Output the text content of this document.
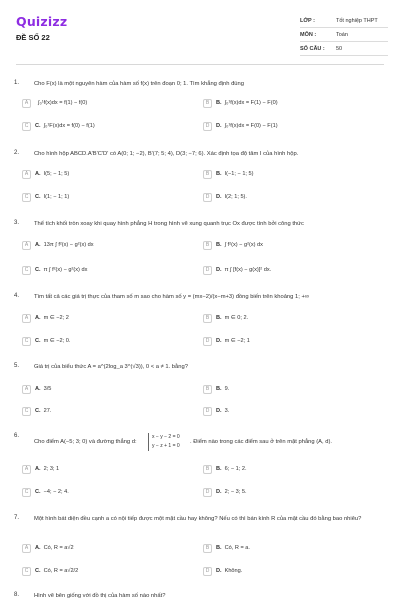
Quizizz
ĐỀ SỐ 22
LỚP :	Tốt nghiệp THPT
MÔN :	Toán
SỐ CÂU :	50
1.	Cho F(x) là một nguyên hàm của hàm số f(x) trên đoạn 0; 1. Tìm khẳng định đúng
A	∫₀¹f(x)dx = f(1) − f(0)	B	B. ∫₀¹f(x)dx = F(1) − F(0)
C	C. ∫₀¹F(x)dx = f(0) − f(1)	D	D. ∫₀¹f(x)dx = F(0) − F(1)
2.	Cho hình hộp ABCD.A'B'C'D' có A(0; 1; −2), B'(7; 5; 4), D(3; −7; 6). Xác định tọa độ tâm I của hình hộp.
A	A. I(5; − 1; 5)	B	B. I(−1; − 1; 5)
C	C. I(1; − 1; 1)	D	D. I(2; 1; 5).
3.	Thể tích khối tròn xoay khi quay hình phẳng H trong hình vẽ xung quanh trục Ox được tính bởi công thức
A	A. 13π ∫ f²(x) − g²(x) dx	B	B. ∫ f²(x) − g²(x) dx
C	C. π ∫ f²(x) − g²(x) dx	D	D. π ∫ [f(x) − g(x)]² dx.
4.	Tìm tất cả các giá trị thực của tham số m sao cho hàm số y = (mx−2)/(x−m+3) đồng biến trên khoảng 1; +∞
A	A. m ∈ −2; 2	B	B. m ∈ 0; 2.
C	C. m ∈ −2; 0.	D	D. m ∈ −2; 1
5.	Giá trị của biểu thức A = a^(2log_a 3^(√3)), 0 < a ≠ 1. bằng?
A	A. 3/5	B	B. 9.
C	C. 27.	D	D. 3.
6.
Cho điểm A(−5; 3; 0) và đường thẳng d:
x − y − 2 = 0
y − z + 1 = 0
. Điểm nào trong các điểm sau ở trên mặt phẳng (A, d).
A	A. 2; 3; 1	B	B. 6; − 1; 2.
C	C. −4; − 2; 4.	D	D. 2; − 3; 5.
7.	Một hình bát diện đều cạnh a có nội tiếp được một mặt cầu hay không? Nếu có thì bán kính R của mặt cầu đó bằng bao nhiêu?
A	A. Có, R = a√2	B	B. Có, R = a.
C	C. Có, R = a√2/2	D	D. Không.
8.	Hình vẽ bên giống với đồ thị của hàm số nào nhất?
